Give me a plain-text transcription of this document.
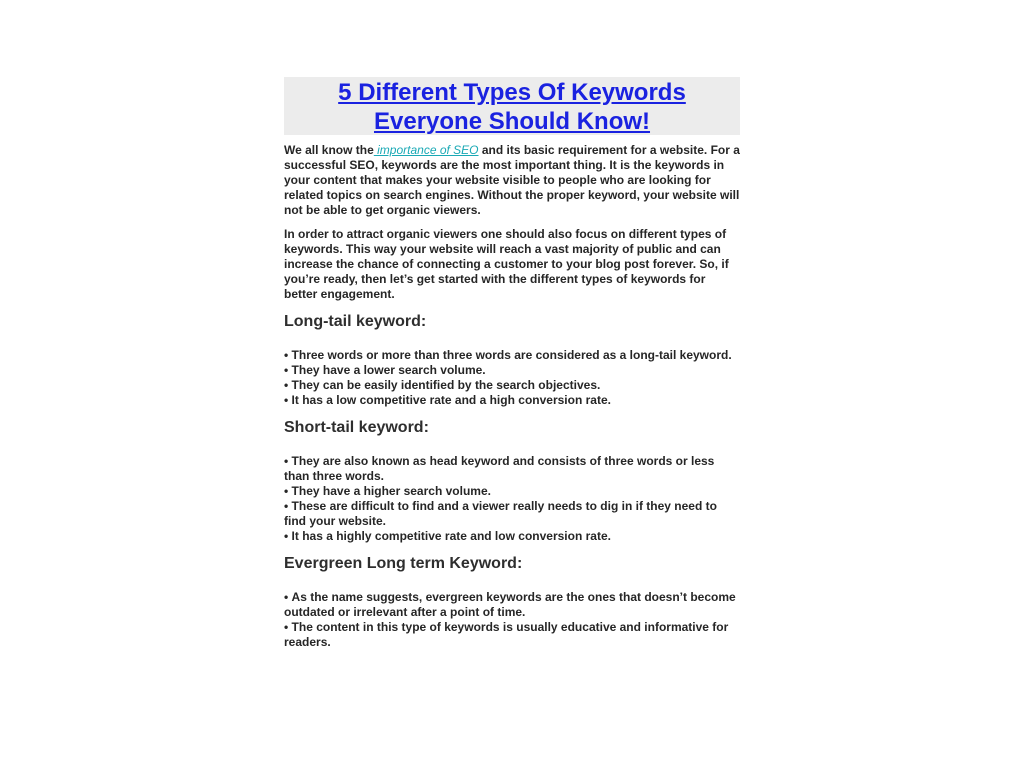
5 Different Types Of Keywords
Everyone Should Know!

We all know the importance of SEO and its basic requirement for a website. For a successful SEO, keywords are the most important thing. It is the keywords in your content that makes your website visible to people who are looking for related topics on search engines. Without the proper keyword, your website will not be able to get organic viewers.

In order to attract organic viewers one should also focus on different types of keywords. This way your website will reach a vast majority of public and can increase the chance of connecting a customer to your blog post forever. So, if you’re ready, then let’s get started with the different types of keywords for better engagement.

Long-tail keyword:
• Three words or more than three words are considered as a long-tail keyword.
• They have a lower search volume.
• They can be easily identified by the search objectives.
• It has a low competitive rate and a high conversion rate.
Short-tail keyword:
• They are also known as head keyword and consists of three words or less than three words.
• They have a higher search volume.
• These are difficult to find and a viewer really needs to dig in if they need to find your website.
• It has a highly competitive rate and low conversion rate.
Evergreen Long term Keyword:
• As the name suggests, evergreen keywords are the ones that doesn’t become outdated or irrelevant after a point of time.
• The content in this type of keywords is usually educative and informative for readers.
